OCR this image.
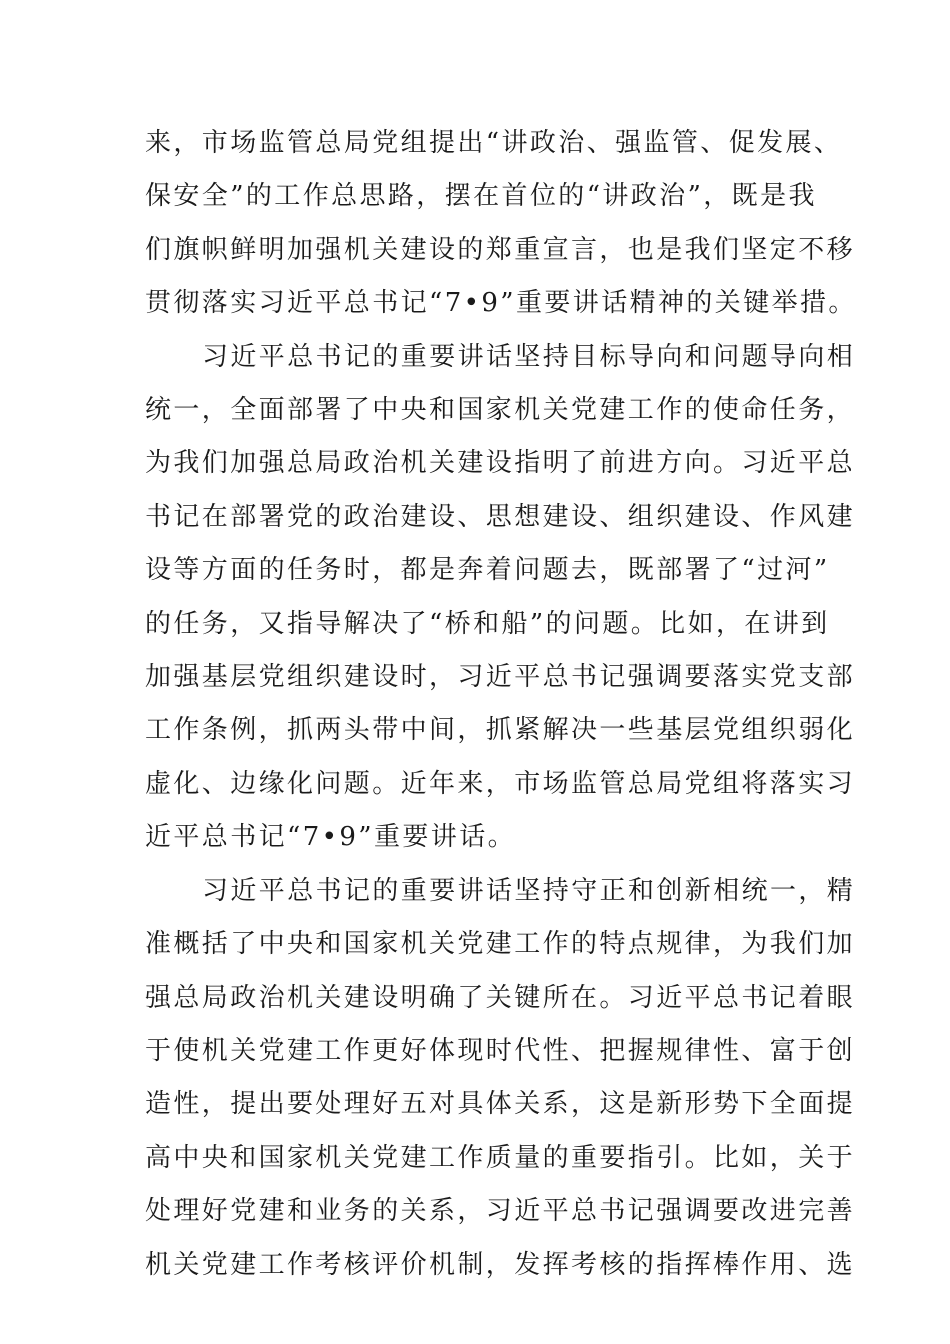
来，市场监管总局党组提出“讲政治、强监管、促发展、
保安全”的工作总思路，摆在首位的“讲政治”，既是我
们旗帜鲜明加强机关建设的郑重宣言，也是我们坚定不移
贯彻落实习近平总书记“7•9”重要讲话精神的关键举措。

习近平总书记的重要讲话坚持目标导向和问题导向相
统一，全面部署了中央和国家机关党建工作的使命任务，
为我们加强总局政治机关建设指明了前进方向。习近平总
书记在部署党的政治建设、思想建设、组织建设、作风建
设等方面的任务时，都是奔着问题去，既部署了“过河”
的任务，又指导解决了“桥和船”的问题。比如，在讲到
加强基层党组织建设时，习近平总书记强调要落实党支部
工作条例，抓两头带中间，抓紧解决一些基层党组织弱化
虚化、边缘化问题。近年来，市场监管总局党组将落实习
近平总书记“7•9”重要讲话。

习近平总书记的重要讲话坚持守正和创新相统一，精
准概括了中央和国家机关党建工作的特点规律，为我们加
强总局政治机关建设明确了关键所在。习近平总书记着眼
于使机关党建工作更好体现时代性、把握规律性、富于创
造性，提出要处理好五对具体关系，这是新形势下全面提
高中央和国家机关党建工作质量的重要指引。比如，关于
处理好党建和业务的关系，习近平总书记强调要改进完善
机关党建工作考核评价机制，发挥考核的指挥棒作用、选
